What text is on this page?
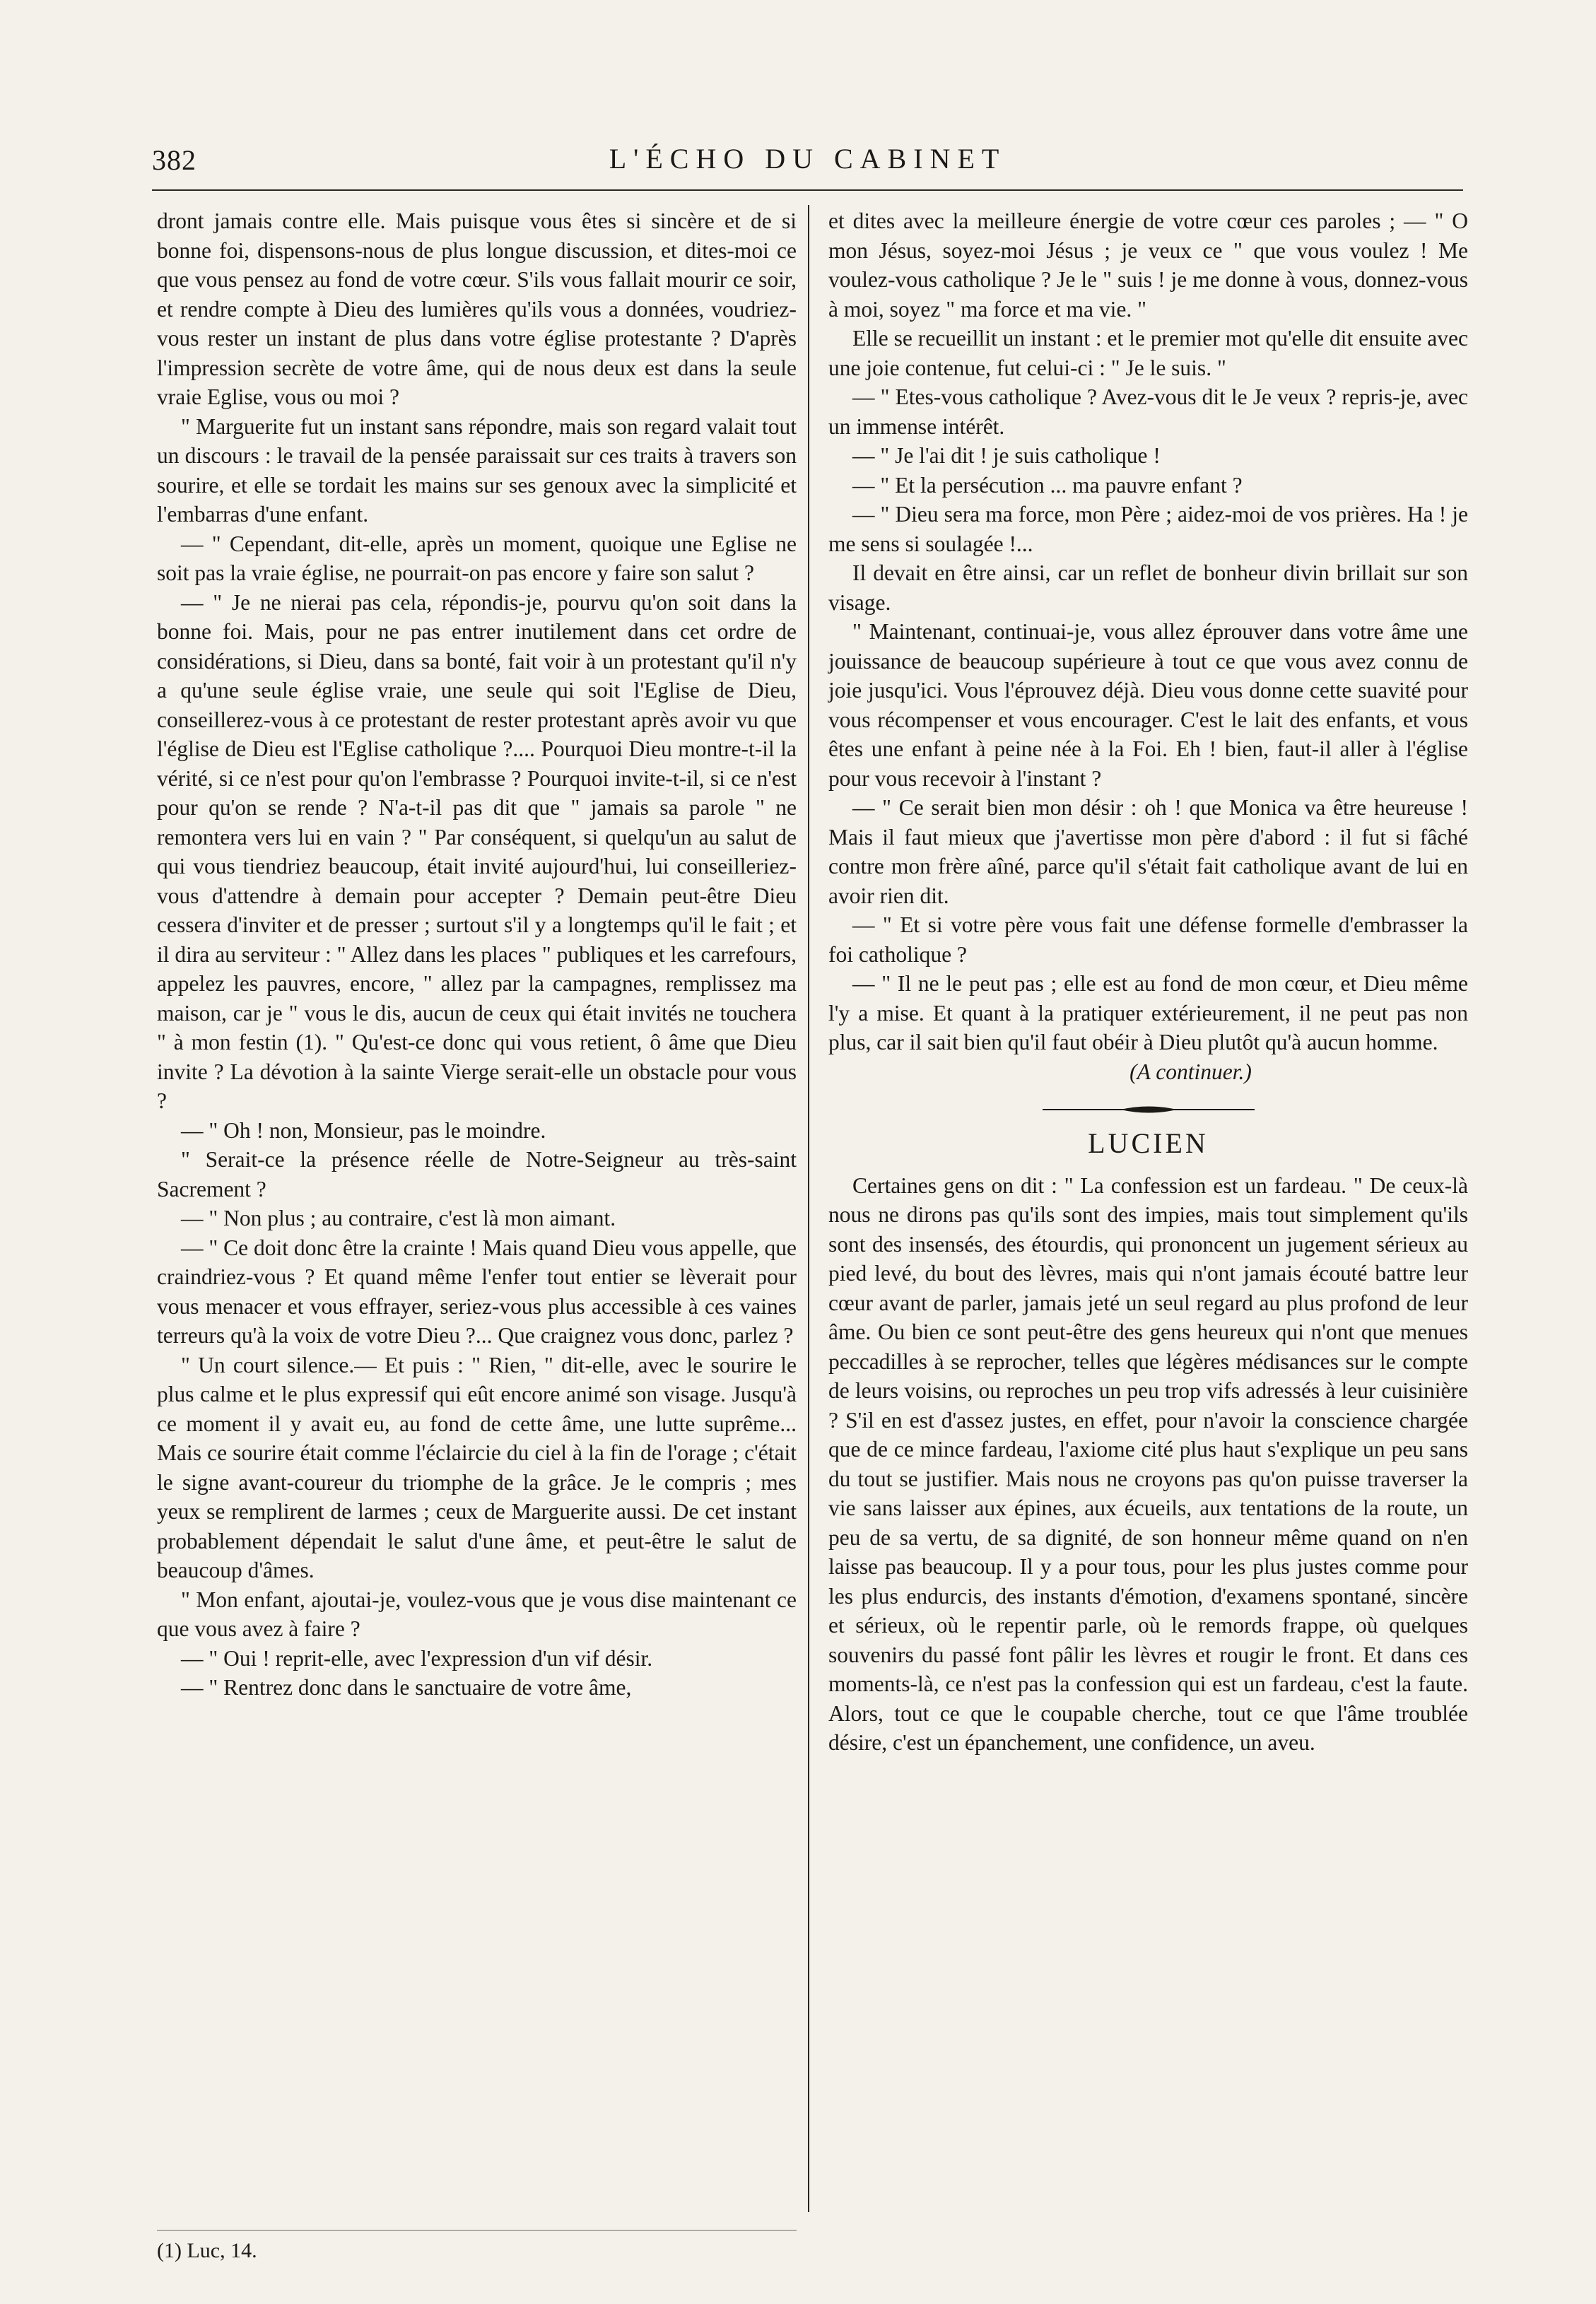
382	L'ÉCHO DU CABINET

dront jamais contre elle. Mais puisque vous êtes si sincère et de si bonne foi, dispensons-nous de plus longue discussion, et dites-moi ce que vous pensez au fond de votre cœur. S'ils vous fallait mourir ce soir, et rendre compte à Dieu des lumières qu'ils vous a données, voudriez-vous rester un instant de plus dans votre église protestante ? D'après l'impression secrète de votre âme, qui de nous deux est dans la seule vraie Eglise, vous ou moi ?

" Marguerite fut un instant sans répondre, mais son regard valait tout un discours : le travail de la pensée paraissait sur ces traits à travers son sourire, et elle se tordait les mains sur ses genoux avec la simplicité et l'embarras d'une enfant.

— " Cependant, dit-elle, après un moment, quoique une Eglise ne soit pas la vraie église, ne pourrait-on pas encore y faire son salut ?

— " Je ne nierai pas cela, répondis-je, pourvu qu'on soit dans la bonne foi. Mais, pour ne pas entrer inutilement dans cet ordre de considérations, si Dieu, dans sa bonté, fait voir à un protestant qu'il n'y a qu'une seule église vraie, une seule qui soit l'Eglise de Dieu, conseillerez-vous à ce protestant de rester protestant après avoir vu que l'église de Dieu est l'Eglise catholique ?.... Pourquoi Dieu montre-t-il la vérité, si ce n'est pour qu'on l'embrasse ? Pourquoi invite-t-il, si ce n'est pour qu'on se rende ? N'a-t-il pas dit que " jamais sa parole " ne remontera vers lui en vain ? " Par conséquent, si quelqu'un au salut de qui vous tiendriez beaucoup, était invité aujourd'hui, lui conseilleriez-vous d'attendre à demain pour accepter ? Demain peut-être Dieu cessera d'inviter et de presser ; surtout s'il y a longtemps qu'il le fait ; et il dira au serviteur : " Allez dans les places " publiques et les carrefours, appelez les pauvres, encore, " allez par la campagnes, remplissez ma maison, car je " vous le dis, aucun de ceux qui était invités ne touchera " à mon festin (1). " Qu'est-ce donc qui vous retient, ô âme que Dieu invite ? La dévotion à la sainte Vierge serait-elle un obstacle pour vous ?

— " Oh ! non, Monsieur, pas le moindre.

" Serait-ce la présence réelle de Notre-Seigneur au très-saint Sacrement ?

— " Non plus ; au contraire, c'est là mon aimant.

— " Ce doit donc être la crainte ! Mais quand Dieu vous appelle, que craindriez-vous ? Et quand même l'enfer tout entier se lèverait pour vous menacer et vous effrayer, seriez-vous plus accessible à ces vaines terreurs qu'à la voix de votre Dieu ?... Que craignez vous donc, parlez ?

" Un court silence.— Et puis : " Rien, " dit-elle, avec le sourire le plus calme et le plus expressif qui eût encore animé son visage. Jusqu'à ce moment il y avait eu, au fond de cette âme, une lutte suprême... Mais ce sourire était comme l'éclaircie du ciel à la fin de l'orage ; c'était le signe avant-coureur du triomphe de la grâce. Je le compris ; mes yeux se remplirent de larmes ; ceux de Marguerite aussi. De cet instant probablement dépendait le salut d'une âme, et peut-être le salut de beaucoup d'âmes.

" Mon enfant, ajoutai-je, voulez-vous que je vous dise maintenant ce que vous avez à faire ?

— " Oui ! reprit-elle, avec l'expression d'un vif désir.

— " Rentrez donc dans le sanctuaire de votre âme,

et dites avec la meilleure énergie de votre cœur ces paroles ; — " O mon Jésus, soyez-moi Jésus ; je veux ce " que vous voulez ! Me voulez-vous catholique ? Je le " suis ! je me donne à vous, donnez-vous à moi, soyez " ma force et ma vie. "

Elle se recueillit un instant : et le premier mot qu'elle dit ensuite avec une joie contenue, fut celui-ci : " Je le suis. "

— " Etes-vous catholique ? Avez-vous dit le Je veux ? repris-je, avec un immense intérêt.

— " Je l'ai dit ! je suis catholique !

— " Et la persécution ... ma pauvre enfant ?

— " Dieu sera ma force, mon Père ; aidez-moi de vos prières. Ha ! je me sens si soulagée !...

Il devait en être ainsi, car un reflet de bonheur divin brillait sur son visage.

" Maintenant, continuai-je, vous allez éprouver dans votre âme une jouissance de beaucoup supérieure à tout ce que vous avez connu de joie jusqu'ici. Vous l'éprouvez déjà. Dieu vous donne cette suavité pour vous récompenser et vous encourager. C'est le lait des enfants, et vous êtes une enfant à peine née à la Foi. Eh ! bien, faut-il aller à l'église pour vous recevoir à l'instant ?

— " Ce serait bien mon désir : oh ! que Monica va être heureuse ! Mais il faut mieux que j'avertisse mon père d'abord : il fut si fâché contre mon frère aîné, parce qu'il s'était fait catholique avant de lui en avoir rien dit.

— " Et si votre père vous fait une défense formelle d'embrasser la foi catholique ?

— " Il ne le peut pas ; elle est au fond de mon cœur, et Dieu même l'y a mise. Et quant à la pratiquer extérieurement, il ne peut pas non plus, car il sait bien qu'il faut obéir à Dieu plutôt qu'à aucun homme.

(A continuer.)

LUCIEN

Certaines gens on dit : " La confession est un fardeau. " De ceux-là nous ne dirons pas qu'ils sont des impies, mais tout simplement qu'ils sont des insensés, des étourdis, qui prononcent un jugement sérieux au pied levé, du bout des lèvres, mais qui n'ont jamais écouté battre leur cœur avant de parler, jamais jeté un seul regard au plus profond de leur âme. Ou bien ce sont peut-être des gens heureux qui n'ont que menues peccadilles à se reprocher, telles que légères médisances sur le compte de leurs voisins, ou reproches un peu trop vifs adressés à leur cuisinière ? S'il en est d'assez justes, en effet, pour n'avoir la conscience chargée que de ce mince fardeau, l'axiome cité plus haut s'explique un peu sans du tout se justifier. Mais nous ne croyons pas qu'on puisse traverser la vie sans laisser aux épines, aux écueils, aux tentations de la route, un peu de sa vertu, de sa dignité, de son honneur même quand on n'en laisse pas beaucoup. Il y a pour tous, pour les plus justes comme pour les plus endurcis, des instants d'émotion, d'examens spontané, sincère et sérieux, où le repentir parle, où le remords frappe, où quelques souvenirs du passé font pâlir les lèvres et rougir le front. Et dans ces moments-là, ce n'est pas la confession qui est un fardeau, c'est la faute. Alors, tout ce que le coupable cherche, tout ce que l'âme troublée désire, c'est un épanchement, une confidence, un aveu.

(1) Luc, 14.
